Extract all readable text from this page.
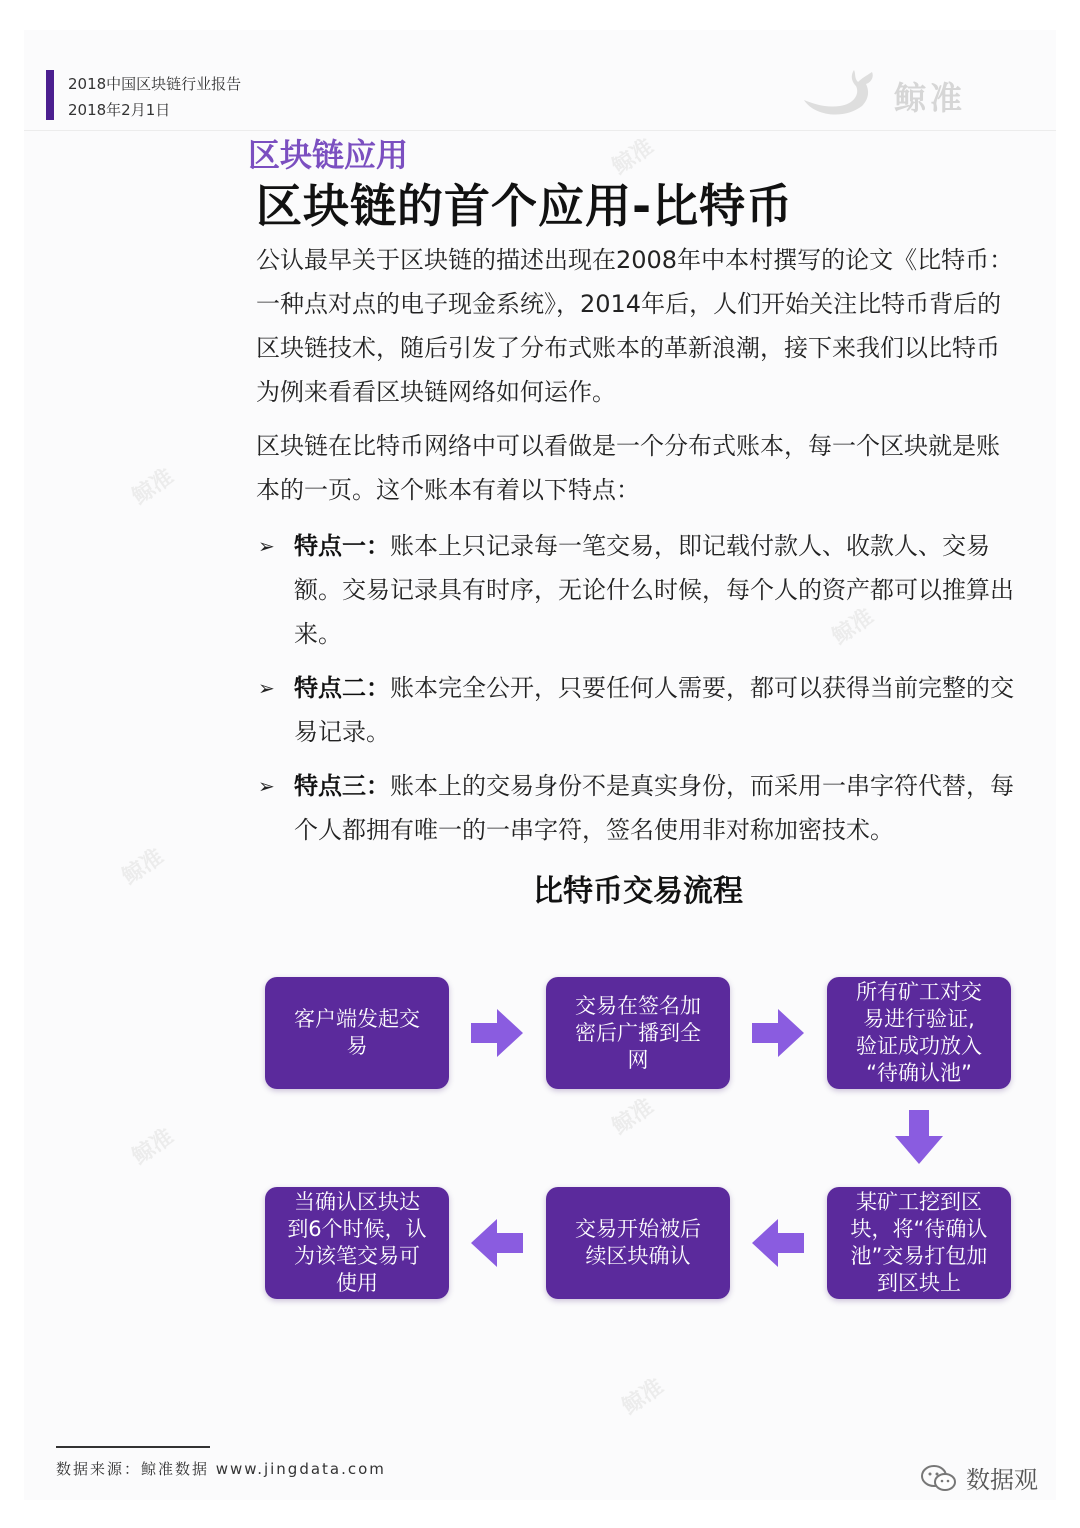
鲸准
鲸准
鲸准
鲸准
鲸准
鲸准
鲸准
2018中国区块链行业报告
2018年2月1日	鲸准
区块链应用
区块链的首个应用-比特币

公认最早关于区块链的描述出现在2008年中本村撰写的论文《比特币：一种点对点的电子现金系统》，2014年后，人们开始关注比特币背后的区块链技术，随后引发了分布式账本的革新浪潮，接下来我们以比特币为例来看看区块链网络如何运作。

区块链在比特币网络中可以看做是一个分布式账本，每一个区块就是账本的一页。这个账本有着以下特点：

➢ 特点一：账本上只记录每一笔交易，即记载付款人、收款人、交易额。交易记录具有时序，无论什么时候，每个人的资产都可以推算出来。
➢ 特点二：账本完全公开，只要任何人需要，都可以获得当前完整的交易记录。
➢ 特点三：账本上的交易身份不是真实身份，而采用一串字符代替，每个人都拥有唯一的一串字符，签名使用非对称加密技术。
比特币交易流程
客户端发起交
易
交易在签名加
密后广播到全
网
所有矿工对交
易进行验证,
验证成功放入
“待确认池”
某矿工挖到区
块，将“待确认
池”交易打包加
到区块上
交易开始被后
续区块确认
当确认区块达
到6个时候，认
为该笔交易可
使用
数据来源：鲸准数据 www.jingdata.com	数据观
